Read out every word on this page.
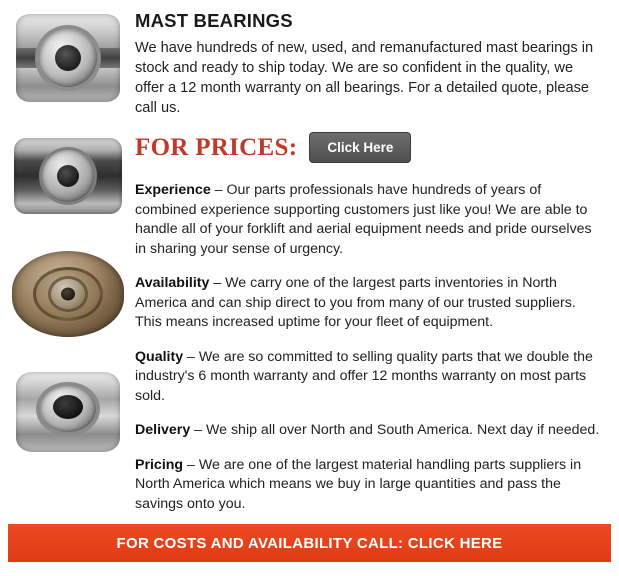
MAST BEARINGS

We have hundreds of new, used, and remanufactured mast bearings in stock and ready to ship today. We are so confident in the quality, we offer a 12 month warranty on all bearings. For a detailed quote, please call us.

FOR PRICES:	Click Here

Experience – Our parts professionals have hundreds of years of combined experience supporting customers just like you! We are able to handle all of your forklift and aerial equipment needs and pride ourselves in sharing your sense of urgency.

Availability – We carry one of the largest parts inventories in North America and can ship direct to you from many of our trusted suppliers. This means increased uptime for your fleet of equipment.

Quality – We are so committed to selling quality parts that we double the industry's 6 month warranty and offer 12 months warranty on most parts sold.

Delivery – We ship all over North and South America. Next day if needed.

Pricing – We are one of the largest material handling parts suppliers in North America which means we buy in large quantities and pass the savings onto you.

FOR COSTS AND AVAILABILITY CALL: CLICK HERE
